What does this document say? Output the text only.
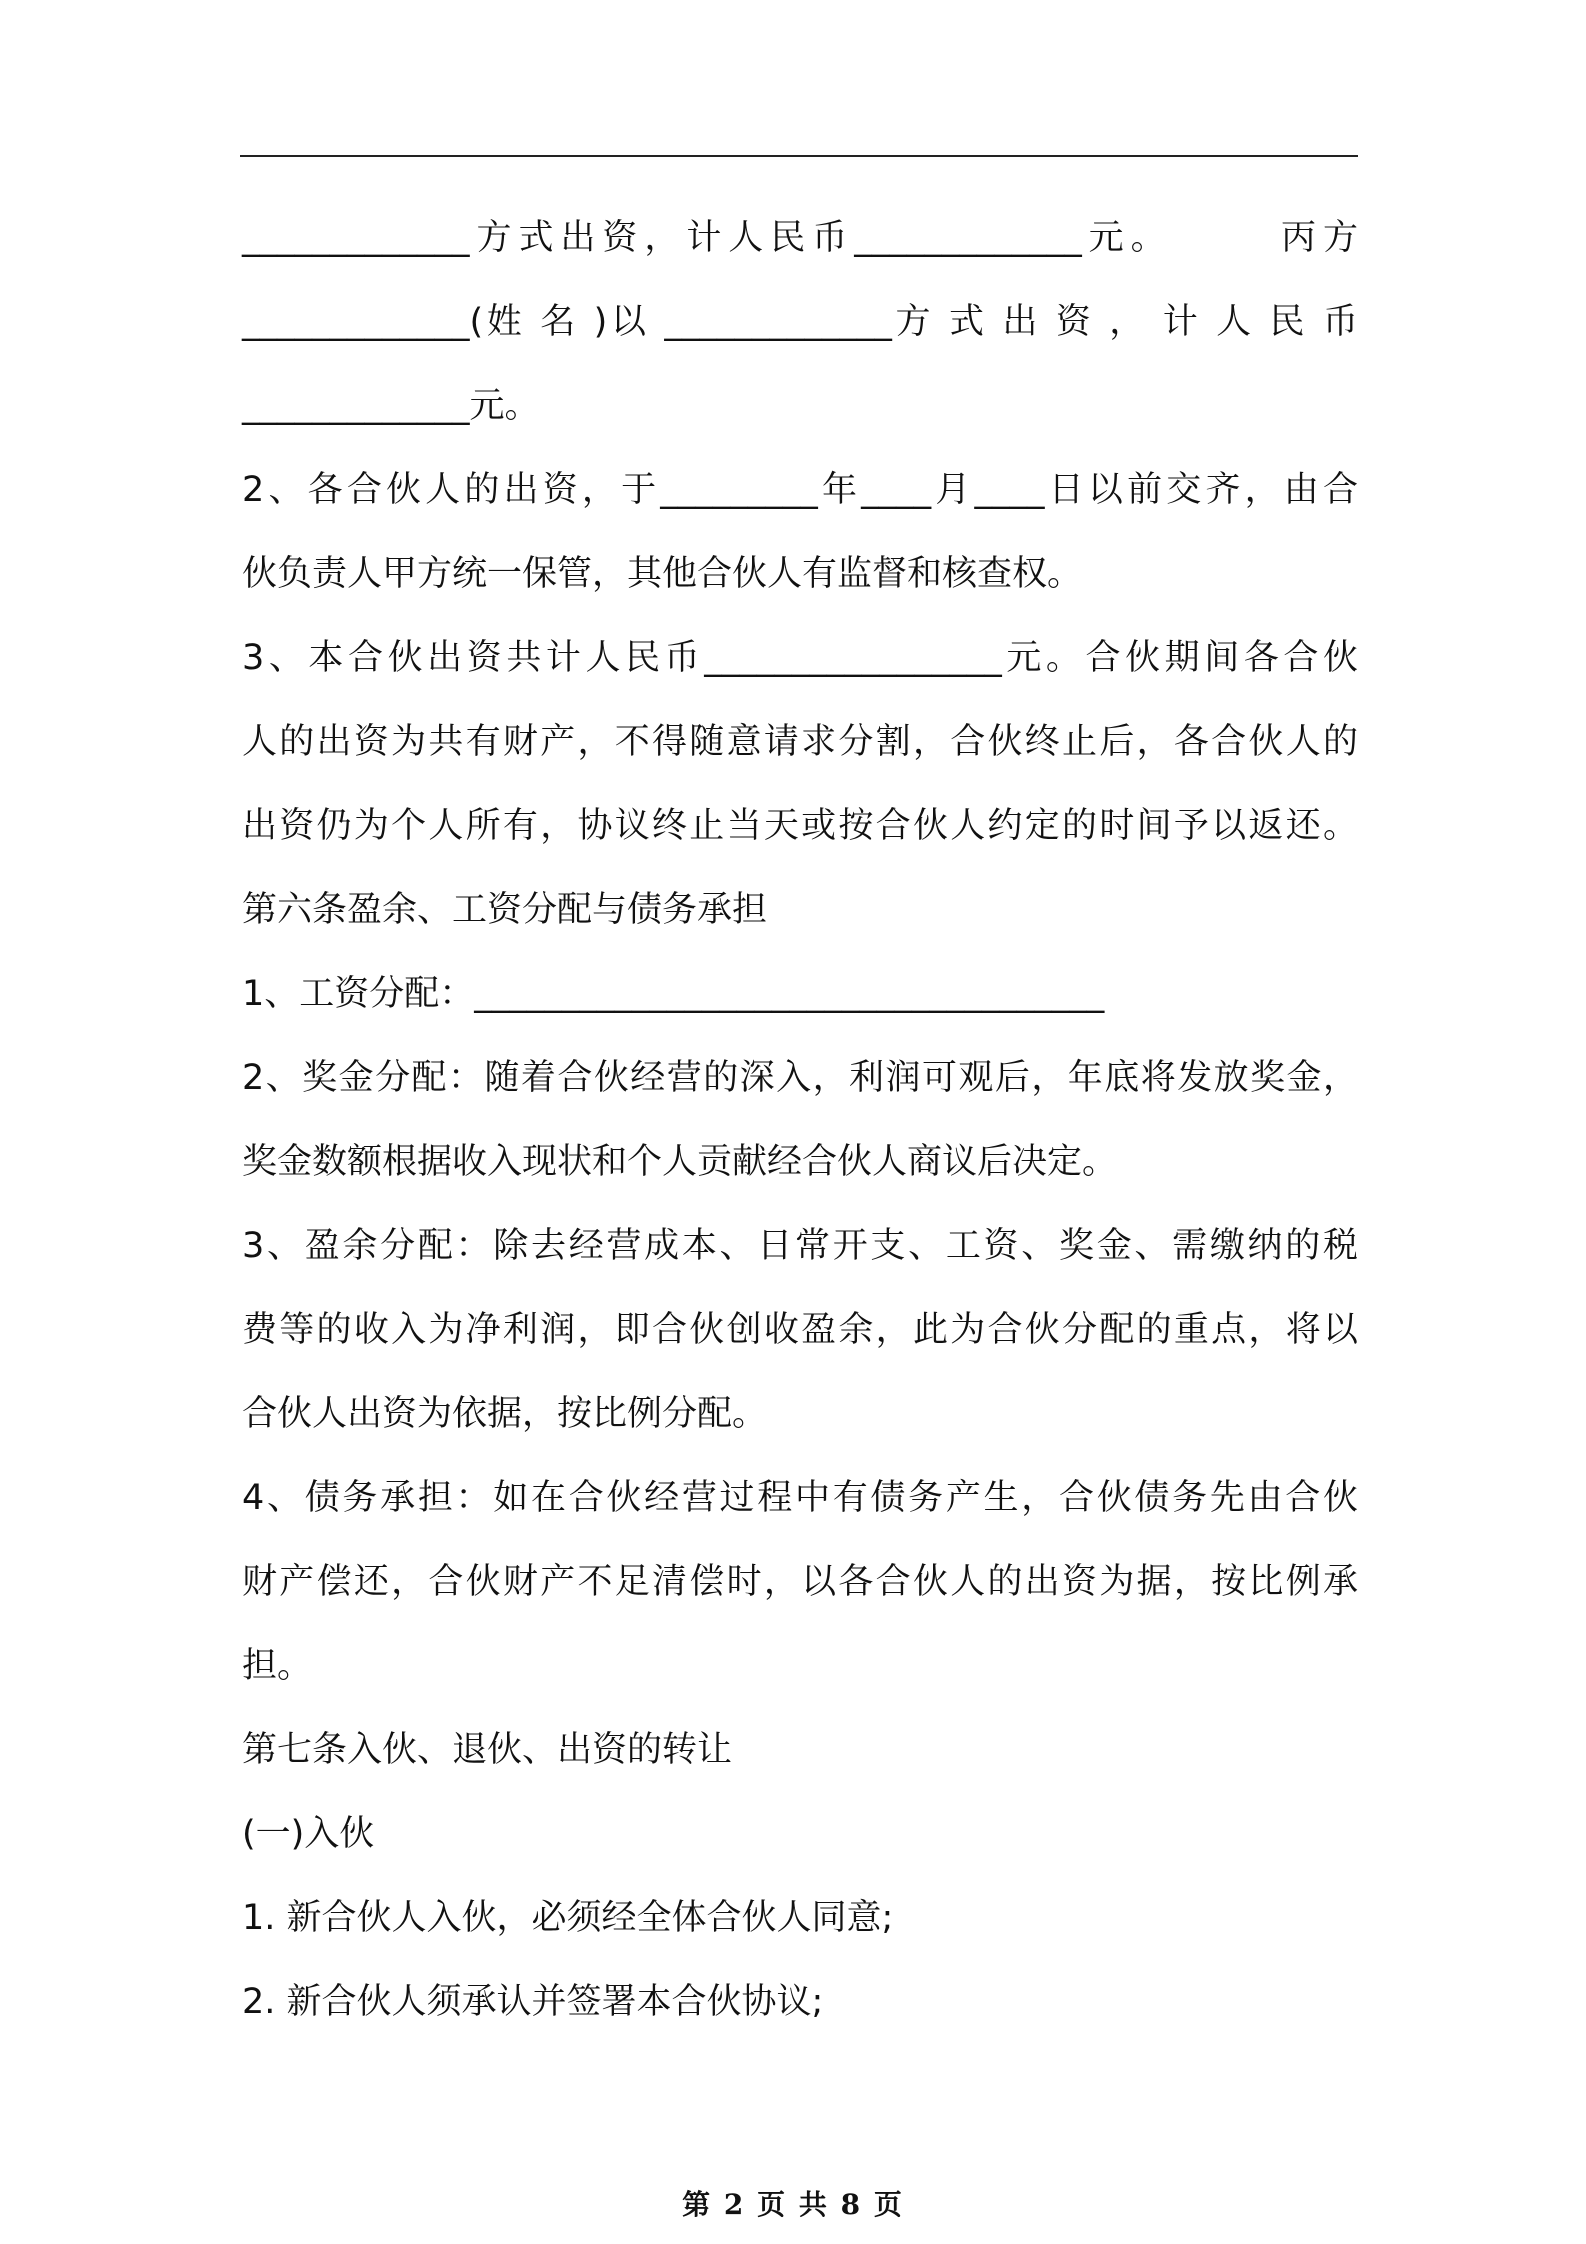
_____________方式出资，计人民币_____________元。　　　丙方
_____________(姓 名 )以 _____________方 式 出 资 ， 计 人 民 币
_____________元。
2、各合伙人的出资，于_________年____月____日以前交齐，由合
伙负责人甲方统一保管，其他合伙人有监督和核查权。
3、本合伙出资共计人民币_________________元。合伙期间各合伙
人的出资为共有财产，不得随意请求分割，合伙终止后，各合伙人的
出资仍为个人所有，协议终止当天或按合伙人约定的时间予以返还。
第六条盈余、工资分配与债务承担
1、工资分配：____________________________________
2、奖金分配：随着合伙经营的深入，利润可观后，年底将发放奖金，
奖金数额根据收入现状和个人贡献经合伙人商议后决定。
3、盈余分配：除去经营成本、日常开支、工资、奖金、需缴纳的税
费等的收入为净利润，即合伙创收盈余，此为合伙分配的重点，将以
合伙人出资为依据，按比例分配。
4、债务承担：如在合伙经营过程中有债务产生，合伙债务先由合伙
财产偿还，合伙财产不足清偿时，以各合伙人的出资为据，按比例承
担。
第七条入伙、退伙、出资的转让
(一)入伙
1. 新合伙人入伙，必须经全体合伙人同意;
2. 新合伙人须承认并签署本合伙协议;
第 2 页 共 8 页
